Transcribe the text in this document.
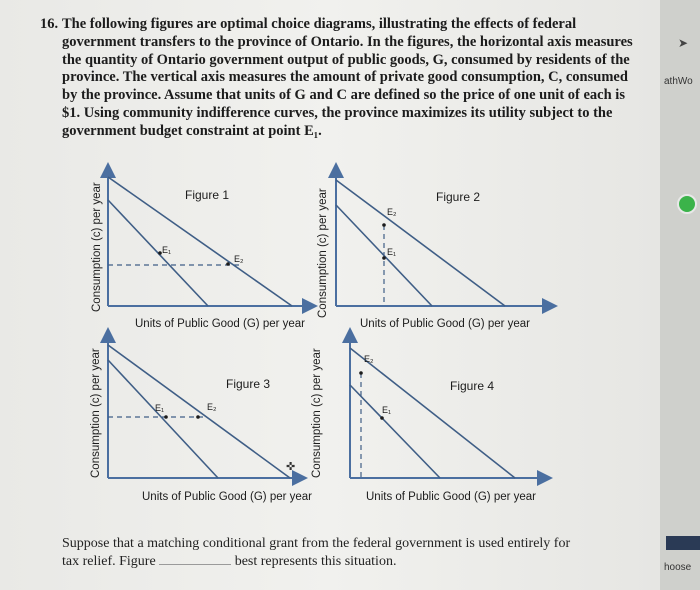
16. The following figures are optimal choice diagrams, illustrating the effects of federal
government transfers to the province of Ontario. In the figures, the horizontal axis measures
the quantity of Ontario government output of public goods, G, consumed by residents of the
province. The vertical axis measures the amount of private good consumption, C, consumed
by the province. Assume that units of G and C are defined so the price of one unit of each is
$1. Using community indifference curves, the province maximizes its utility subject to the
government budget constraint at point E₁.
E₁
E₂
Figure 1
Consumption (c) per year
Units of Public Good (G) per year
E₂
E₁
Figure 2
Consumption (c) per year
Units of Public Good (G) per year
E₁	E₂
Figure 3
Consumption (c) per year
Units of Public Good (G) per year
✜
E₂
E₁
Figure 4
Consumption (c) per year
Units of Public Good (G) per year
Suppose that a matching conditional grant from the federal government is used entirely for
tax relief. Figure	best represents this situation.
➤
athWo
hoose
